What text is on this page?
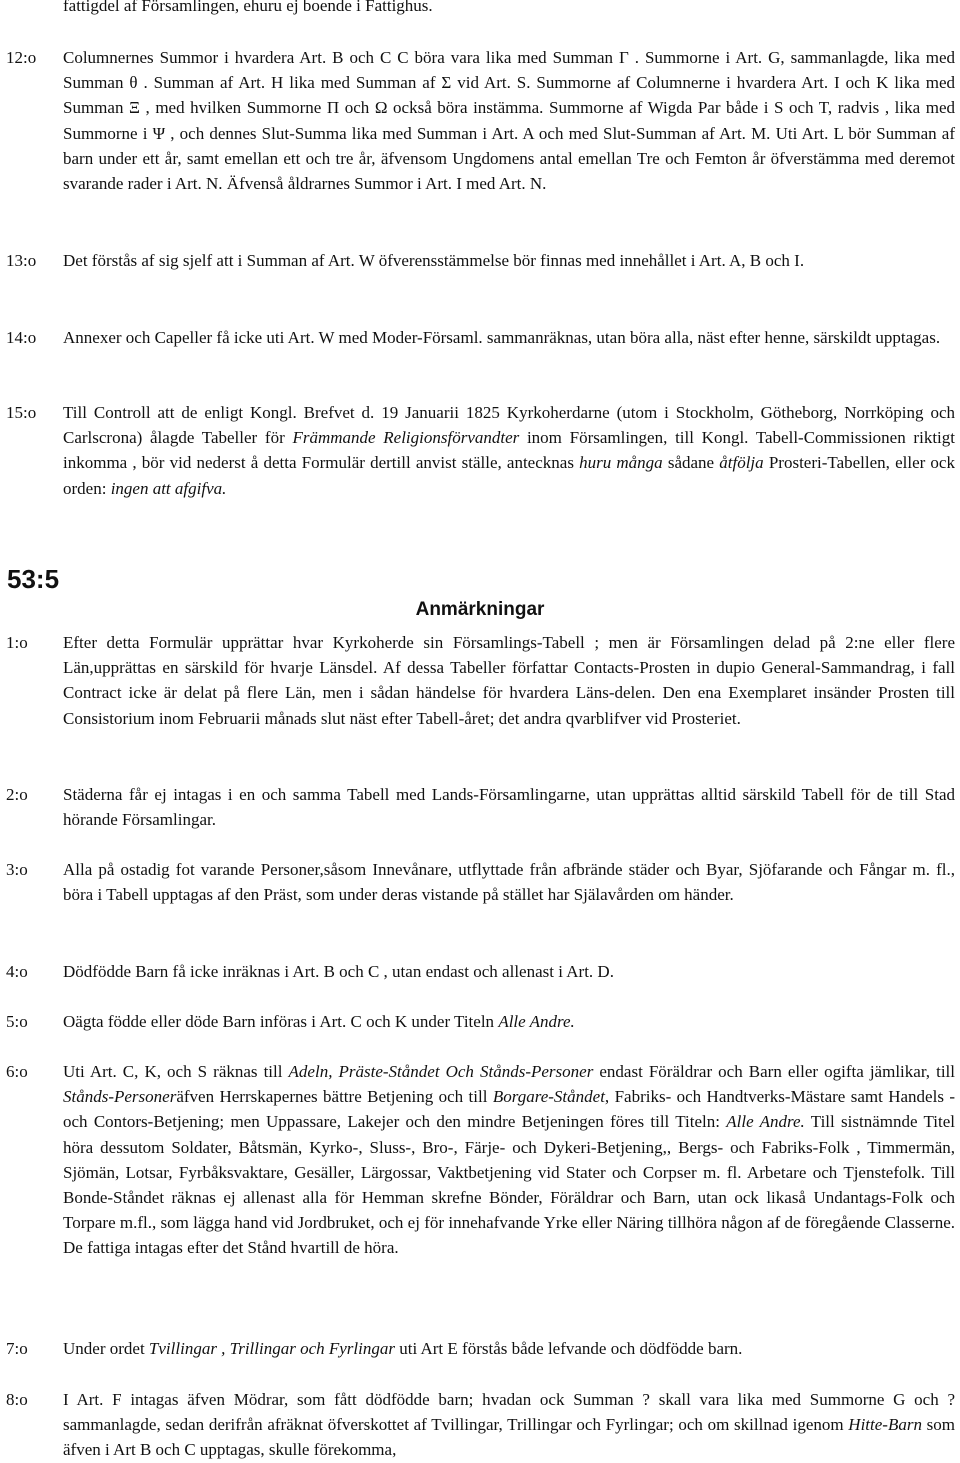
fattigdel af Församlingen, ehuru ej boende i Fattighus.

12:o Columnernes Summor i hvardera Art. B och C C böra vara lika med Summan Γ . Summorne i Art. G, sammanlagde, lika med Summan θ . Summan af Art. H lika med Summan af Σ vid Art. S. Summorne af Columnerne i hvardera Art. I och K lika med Summan Ξ , med hvilken Summorne Π och Ω också böra instämma. Summorne af Wigda Par både i S och T, radvis , lika med Summorne i Ψ , och dennes Slut-Summa lika med Summan i Art. A och med Slut-Summan af Art. M. Uti Art. L bör Summan af barn under ett år, samt emellan ett och tre år, äfvensom Ungdomens antal emellan Tre och Femton år öfverstämma med deremot svarande rader i Art. N. Äfvenså åldrarnes Summor i Art. I med Art. N.

13:o Det förstås af sig sjelf att i Summan af Art. W öfverensstämmelse bör finnas med innehållet i Art. A, B och I.

14:o Annexer och Capeller få icke uti Art. W med Moder-Församl. sammanräknas, utan böra alla, näst efter henne, särskildt upptagas.

15:o Till Controll att de enligt Kongl. Brefvet d. 19 Januarii 1825 Kyrkoherdarne (utom i Stockholm, Götheborg, Norrköping och Carlscrona) ålagde Tabeller för Främmande Religionsförvandter inom Församlingen, till Kongl. Tabell-Commissionen riktigt inkomma , bör vid nederst å detta Formulär dertill anvist ställe, antecknas huru många sådane åtfölja Prosteri-Tabellen, eller ock orden: ingen att afgifva.

53:5
Anmärkningar
1:o Efter detta Formulär upprättar hvar Kyrkoherde sin Församlings-Tabell ; men är Församlingen delad på 2:ne eller flere Län,upprättas en särskild för hvarje Länsdel. Af dessa Tabeller författar Contacts-Prosten in dupio General-Sammandrag, i fall Contract icke är delat på flere Län, men i sådan händelse för hvardera Läns-delen. Den ena Exemplaret insänder Prosten till Consistorium inom Februarii månads slut näst efter Tabell-året; det andra qvarblifver vid Prosteriet.

2:o Städerna får ej intagas i en och samma Tabell med Lands-Församlingarne, utan upprättas alltid särskild Tabell för de till Stad hörande Församlingar.

3:o Alla på ostadig fot varande Personer,såsom Innevånare, utflyttade från afbrände städer och Byar, Sjöfarande och Fångar m. fl., böra i Tabell upptagas af den Präst, som under deras vistande på stället har Själavården om händer.

4:o Dödfödde Barn få icke inräknas i Art. B och C , utan endast och allenast i Art. D.

5:o Oägta födde eller döde Barn införas i Art. C och K under Titeln Alle Andre.

6:o Uti Art. C, K, och S räknas till Adeln, Präste-Ståndet Och Stånds-Personer endast Föräldrar och Barn eller ogifta jämlikar, till Stånds-Personeräfven Herrskapernes bättre Betjening och till Borgare-Ståndet, Fabriks- och Handtverks-Mästare samt Handels - och Contors-Betjening; men Uppassare, Lakejer och den mindre Betjeningen föres till Titeln: Alle Andre. Till sistnämnde Titel höra dessutom Soldater, Båtsmän, Kyrko-, Sluss-, Bro-, Färje- och Dykeri-Betjening,, Bergs- och Fabriks-Folk , Timmermän, Sjömän, Lotsar, Fyrbåksvaktare, Gesäller, Lärgossar, Vaktbetjening vid Stater och Corpser m. fl. Arbetare och Tjenstefolk. Till Bonde-Ståndet räknas ej allenast alla för Hemman skrefne Bönder, Föräldrar och Barn, utan ock likaså Undantags-Folk och Torpare m.fl., som lägga hand vid Jordbruket, och ej för innehafvande Yrke eller Näring tillhöra någon af de föregående Classerne. De fattiga intagas efter det Stånd hvartill de höra.

7:o Under ordet Tvillingar , Trillingar och Fyrlingar uti Art E förstås både lefvande och dödfödde barn.

8:o I Art. F intagas äfven Mödrar, som fått dödfödde barn; hvadan ock Summan ? skall vara lika med Summorne G och ? sammanlagde, sedan derifrån afräknat öfverskottet af Tvillingar, Trillingar och Fyrlingar; och om skillnad igenom Hitte-Barn som äfven i Art B och C upptagas, skulle förekomma,
